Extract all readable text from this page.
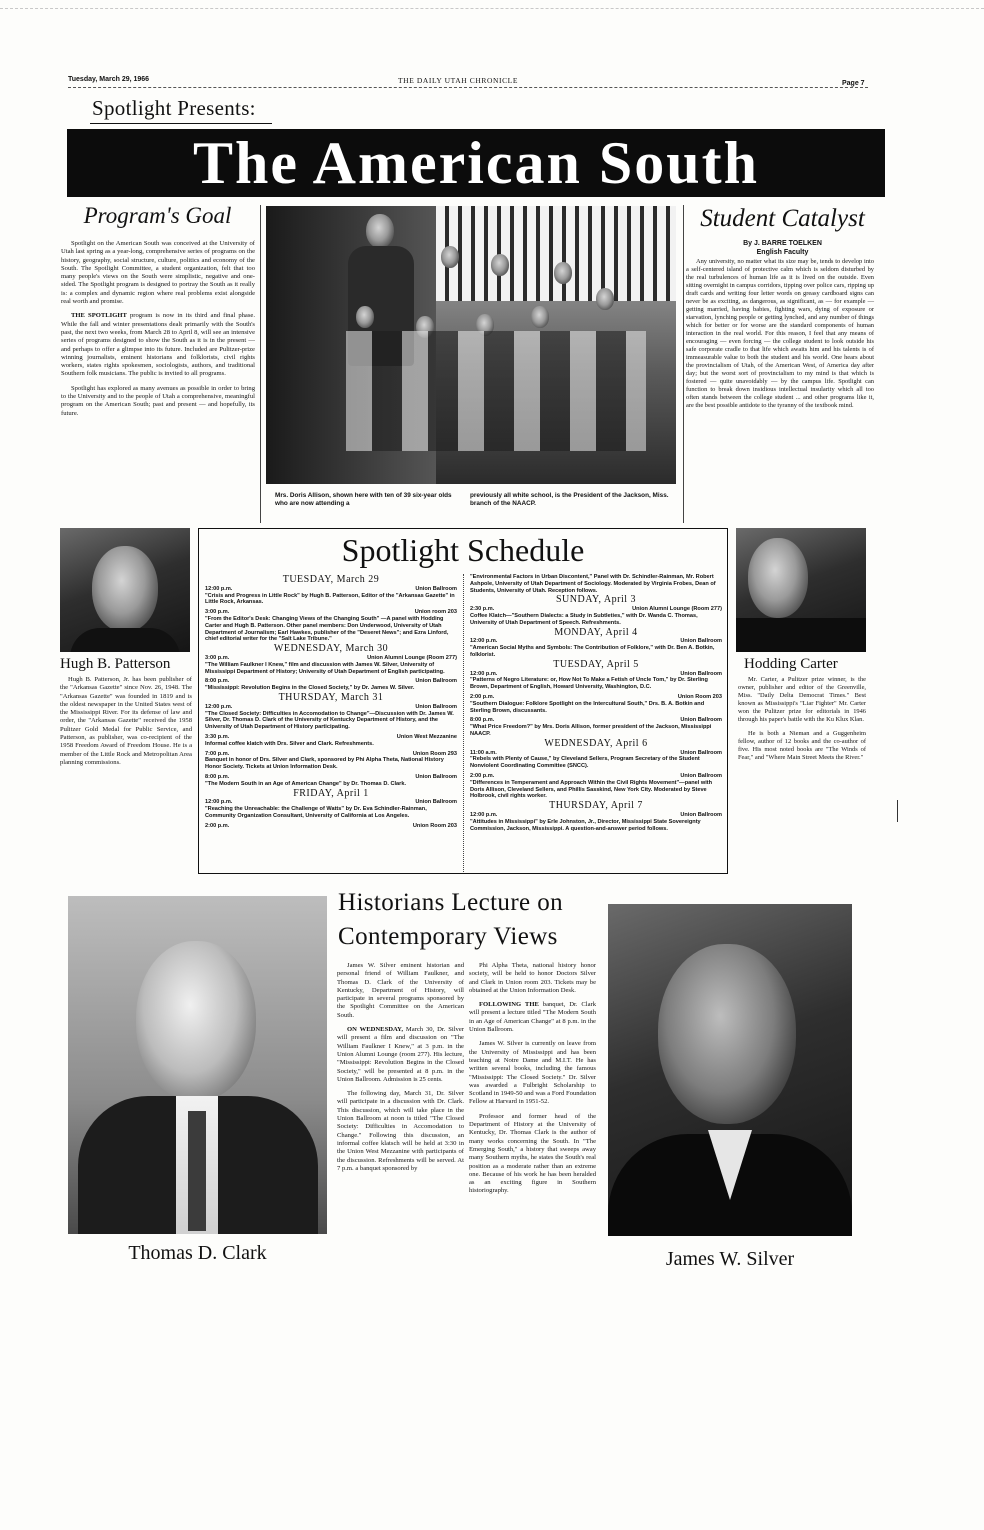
Tuesday, March 29, 1966	THE DAILY UTAH CHRONICLE	Page 7
Spotlight Presents:
The American South
Program's Goal

Spotlight on the American South was conceived at the University of Utah last spring as a year-long, comprehensive series of programs on the history, geography, social structure, culture, politics and economy of the South. The Spotlight Committee, a student organization, felt that too many people's views on the South were simplistic, negative and one-sided. The Spotlight program is designed to portray the South as it really is: a complex and dynamic region where real problems exist alongside real worth and promise.

THE SPOTLIGHT program is now in its third and final phase. While the fall and winter presentations dealt primarily with the South's past, the next two weeks, from March 28 to April 8, will see an intensive series of programs designed to show the South as it is in the present — and perhaps to offer a glimpse into its future. Included are Pulitzer-prize winning journalists, eminent historians and folklorists, civil rights workers, states rights spokesmen, sociologists, authors, and traditional Southern folk musicians. The public is invited to all programs.

Spotlight has explored as many avenues as possible in order to bring to the University and to the people of Utah a comprehensive, meaningful program on the American South; past and present — and hopefully, its future.

Mrs. Doris Allison, shown here with ten of 39 six-year olds who are now attending a
previously all white school, is the President of the Jackson, Miss. branch of the NAACP.
Student Catalyst
By J. BARRE TOELKEN
English Faculty
Any university, no matter what its size may be, tends to develop into a self-centered island of protective calm which is seldom disturbed by the real turbulences of human life as it is lived on the outside. Even sitting overnight in campus corridors, tipping over police cars, ripping up draft cards and writing four letter words on greasy cardboard signs can never be as exciting, as dangerous, as significant, as — for example — getting married, having babies, fighting wars, dying of exposure or starvation, lynching people or getting lynched, and any number of things which for better or for worse are the standard components of human interaction in the real world. For this reason, I feel that any means of encouraging — even forcing — the college student to look outside his safe corporate cradle to that life which awaits him and his talents is of immeasurable value to both the student and his world. One hears about the provincialism of Utah, of the American West, of America day after day; but the worst sort of provincialism to my mind is that which is fostered — quite unavoidably — by the campus life. Spotlight can function to break down insidious intellectual insularity which all too often stands between the college student ... and other programs like it, are the best possible antidote to the tyranny of the textbook mind.
Hugh B. Patterson
Hugh B. Patterson, Jr. has been publisher of the "Arkansas Gazette" since Nov. 26, 1948. The "Arkansas Gazette" was founded in 1819 and is the oldest newspaper in the United States west of the Mississippi River. For its defense of law and order, the "Arkansas Gazette" received the 1958 Pulitzer Gold Medal for Public Service, and Patterson, as publisher, was co-recipient of the 1958 Freedom Award of Freedom House. He is a member of the Little Rock and Metropolitan Area planning commissions.
Spotlight Schedule
TUESDAY, March 29
12:00 p.m.	Union Ballroom
"Crisis and Progress in Little Rock" by Hugh B. Patterson, Editor of the "Arkansas Gazette" in Little Rock, Arkansas.
3:00 p.m.	Union room 203
"From the Editor's Desk: Changing Views of the Changing South" —A panel with Hodding Carter and Hugh B. Patterson. Other panel members: Don Underwood, University of Utah Department of Journalism; Earl Hawkes, publisher of the "Deseret News"; and Ezra Linford, chief editorial writer for the "Salt Lake Tribune."
WEDNESDAY, March 30
3:00 p.m.	Union Alumni Lounge (Room 277)
"The William Faulkner I Knew," film and discussion with James W. Silver, University of Mississippi Department of History; University of Utah Department of English participating.
8:00 p.m.	Union Ballroom
"Mississippi: Revolution Begins in the Closed Society," by Dr. James W. Silver.
THURSDAY, March 31
12:00 p.m.	Union Ballroom
"The Closed Society: Difficulties in Accomodation to Change"—Discussion with Dr. James W. Silver, Dr. Thomas D. Clark of the University of Kentucky Department of History, and the University of Utah Department of History participating.
3:30 p.m.	Union West Mezzanine
Informal coffee klatch with Drs. Silver and Clark. Refreshments.
7:00 p.m.	Union Room 293
Banquet in honor of Drs. Silver and Clark, sponsored by Phi Alpha Theta, National History Honor Society. Tickets at Union Information Desk.
8:00 p.m.	Union Ballroom
"The Modern South in an Age of American Change" by Dr. Thomas D. Clark.
FRIDAY, April 1
12:00 p.m.	Union Ballroom
"Reaching the Unreachable: the Challenge of Watts" by Dr. Eva Schindler-Rainman, Community Organization Consultant, University of California at Los Angeles.
2:00 p.m.	Union Room 203
"Environmental Factors in Urban Discontent," Panel with Dr. Schindler-Rainman, Mr. Robert Ashpole, University of Utah Department of Sociology. Moderated by Virginia Frobes, Dean of Students, University of Utah. Reception follows.
SUNDAY, April 3
2:30 p.m.	Union Alumni Lounge (Room 277)
Coffee Klatch—"Southern Dialects: a Study in Subtleties," with Dr. Wanda C. Thomas, University of Utah Department of Speech. Refreshments.
MONDAY, April 4
12:00 p.m.	Union Ballroom
"American Social Myths and Symbols: The Contribution of Folklore," with Dr. Ben A. Botkin, folklorist.
TUESDAY, April 5
12:00 p.m.	Union Ballroom
"Patterns of Negro Literature: or, How Not To Make a Fetish of Uncle Tom," by Dr. Sterling Brown, Department of English, Howard University, Washington, D.C.
2:00 p.m.	Union Room 203
"Southern Dialogue: Folklore Spotlight on the Intercultural South," Drs. B. A. Botkin and Sterling Brown, discussants.
8:00 p.m.	Union Ballroom
"What Price Freedom?" by Mrs. Doris Allison, former president of the Jackson, Mississippi NAACP.
WEDNESDAY, April 6
11:00 a.m.	Union Ballroom
"Rebels with Plenty of Cause," by Cleveland Sellers, Program Secretary of the Student Nonviolent Coordinating Committee (SNCC).
2:00 p.m.	Union Ballroom
"Differences in Temperament and Approach Within the Civil Rights Movement"—panel with Doris Allison, Cleveland Sellers, and Phillis Sasskind, New York City. Moderated by Steve Holbrook, civil rights worker.
THURSDAY, April 7
12:00 p.m.	Union Ballroom
"Attitudes in Mississippi" by Erle Johnston, Jr., Director, Mississippi State Sovereignty Commission, Jackson, Mississippi. A question-and-answer period follows.
Hodding Carter

Mr. Carter, a Pulitzer prize winner, is the owner, publisher and editor of the Greenville, Miss. "Daily Delta Democrat Times." Best known as Mississippi's "Liar Fighter" Mr. Carter won the Pulitzer prize for editorials in 1946 through his paper's battle with the Ku Klux Klan.

He is both a Nieman and a Guggenheim fellow, author of 12 books and the co-author of five. His most noted books are "The Winds of Fear," and "Where Main Street Meets the River."

Historians Lecture on
Contemporary Views

James W. Silver eminent historian and personal friend of William Faulkner, and Thomas D. Clark of the University of Kentucky, Department of History, will participate in several programs sponsored by the Spotlight Committee on the American South.

ON WEDNESDAY, March 30, Dr. Silver will present a film and discussion on "The William Faulkner I Knew," at 3 p.m. in the Union Alumni Lounge (room 277). His lecture, "Mississippi: Revolution Begins in the Closed Society," will be presented at 8 p.m. in the Union Ballroom. Admission is 25 cents.

The following day, March 31, Dr. Silver will participate in a discussion with Dr. Clark. This discussion, which will take place in the Union Ballroom at noon is titled "The Closed Society: Difficulties in Accomodation to Change." Following this discussion, an informal coffee klatsch will be held at 3:30 in the Union West Mezzanine with participants of the discussion. Refreshments will be served. At 7 p.m. a banquet sponsored by

Phi Alpha Theta, national history honor society, will be held to honor Doctors Silver and Clark in Union room 203. Tickets may be obtained at the Union Information Desk.

FOLLOWING THE banquet, Dr. Clark will present a lecture titled "The Modern South in an Age of American Change" at 8 p.m. in the Union Ballroom.

James W. Silver is currently on leave from the University of Mississippi and has been teaching at Notre Dame and M.I.T. He has written several books, including the famous "Mississippi: The Closed Society." Dr. Silver was awarded a Fulbright Scholarship to Scotland in 1949-50 and was a Ford Foundation Fellow at Harvard in 1951-52.

Professor and former head of the Department of History at the University of Kentucky, Dr. Thomas Clark is the author of many works concerning the South. In "The Emerging South," a history that sweeps away many Southern myths, he states the South's real position as a moderate rather than an extreme one. Because of his work he has been heralded as an exciting figure in Southern historiography.

Thomas D. Clark	James W. Silver
